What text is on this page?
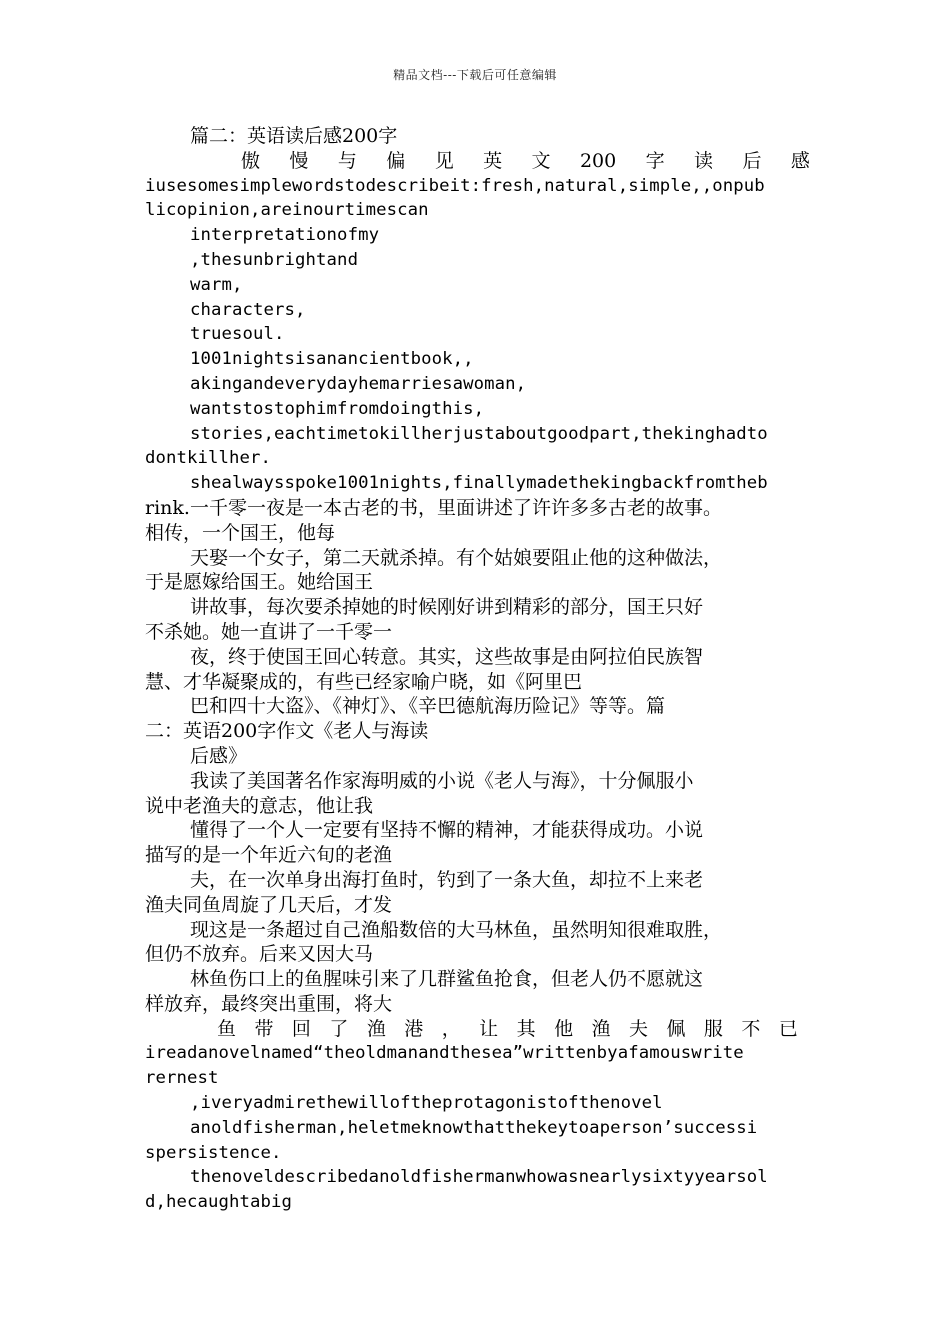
精品文档---下载后可任意编辑
篇二：英语读后感200字
傲 慢 与 偏 见 英 文 200 字 读 后 感
iusesomesimplewordstodescribeit:fresh,natural,simple,,onpub
licopinion,areinourtimescan
interpretationofmy
,thesunbrightand
warm,
characters,
truesoul.
1001nightsisanancientbook,,
akingandeverydayhemarriesawoman,
wantstostophimfromdoingthis,
stories,eachtimetokillherjustaboutgoodpart,thekinghadto
dontkillher.
shealwaysspoke1001nights,finallymadethekingbackfromtheb
rink.一千零一夜是一本古老的书，里面讲述了许许多多古老的故事。
相传，一个国王，他每
天娶一个女子，第二天就杀掉。有个姑娘要阻止他的这种做法，
于是愿嫁给国王。她给国王
讲故事，每次要杀掉她的时候刚好讲到精彩的部分，国王只好
不杀她。她一直讲了一千零一
夜，终于使国王回心转意。其实，这些故事是由阿拉伯民族智
慧、才华凝聚成的，有些已经家喻户晓，如《阿里巴
巴和四十大盗》、《神灯》、《辛巴德航海历险记》等等。篇
二：英语200字作文《老人与海读
后感》
我读了美国著名作家海明威的小说《老人与海》，十分佩服小
说中老渔夫的意志，他让我
懂得了一个人一定要有坚持不懈的精神，才能获得成功。小说
描写的是一个年近六旬的老渔
夫，在一次单身出海打鱼时，钓到了一条大鱼，却拉不上来老
渔夫同鱼周旋了几天后，才发
现这是一条超过自己渔船数倍的大马林鱼，虽然明知很难取胜，
但仍不放弃。后来又因大马
林鱼伤口上的鱼腥味引来了几群鲨鱼抢食，但老人仍不愿就这
样放弃，最终突出重围，将大
鱼 带 回 了 渔 港 ， 让 其 他 渔 夫 佩 服 不 已
ireadanovelnamed“theoldmanandthesea”writtenbyafamouswrite
rernest
,iveryadmirethewilloftheprotagonistofthenovel
anoldfisherman,heletmeknowthatthekeytoaperson’successi
spersistence.
thenoveldescribedanoldfishermanwhowasnearlysixtyyearsol
d,hecaughtabig
